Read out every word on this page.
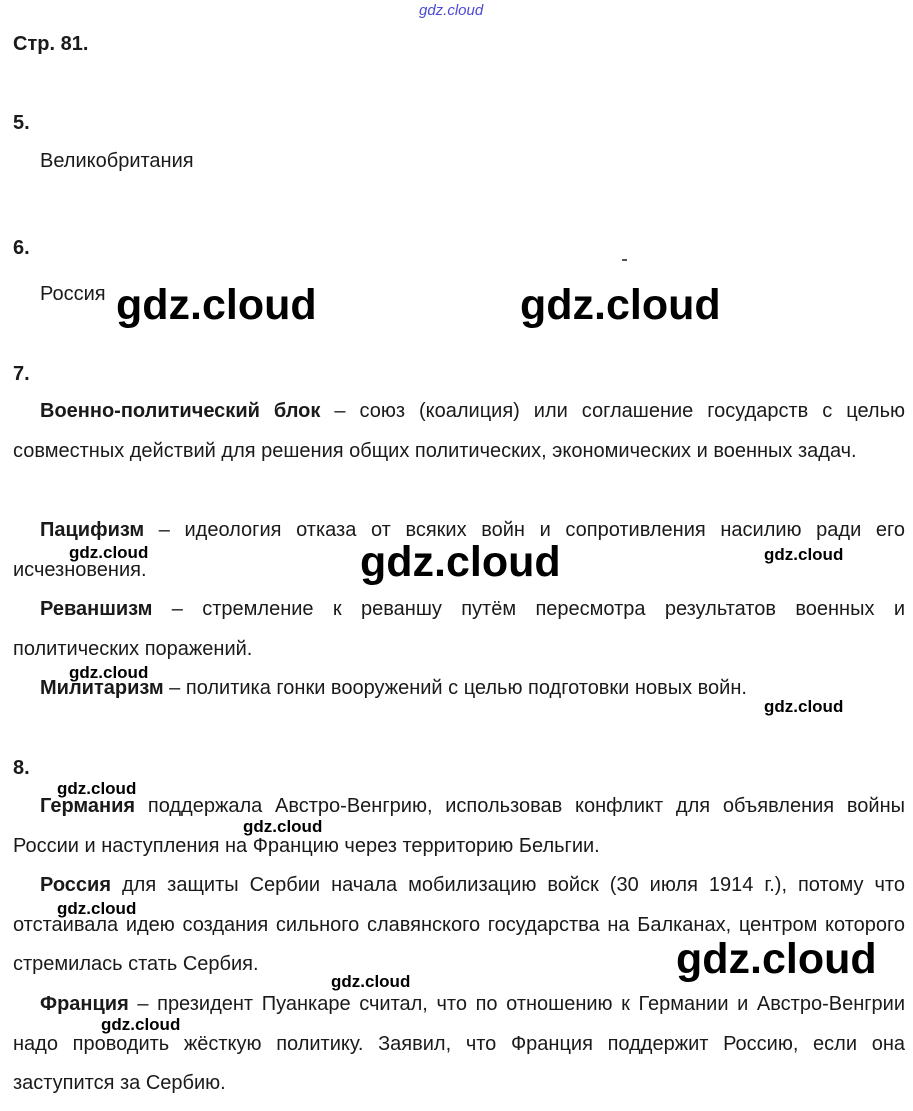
gdz.cloud
Стр. 81.
5.
Великобритания
6.
Россия
7.
Военно-политический блок – союз (коалиция) или соглашение государств с целью совместных действий для решения общих политических, экономических и военных задач.
Пацифизм – идеология отказа от всяких войн и сопротивления насилию ради его исчезновения.
Реваншизм – стремление к реваншу путём пересмотра результатов военных и политических поражений.
Милитаризм – политика гонки вооружений с целью подготовки новых войн.
8.
Германия поддержала Австро-Венгрию, использовав конфликт для объявления войны России и наступления на Францию через территорию Бельгии.
Россия для защиты Сербии начала мобилизацию войск (30 июля 1914 г.), потому что отстаивала идею создания сильного славянского государства на Балканах, центром которого стремилась стать Сербия.
Франция – президент Пуанкаре считал, что по отношению к Германии и Австро-Венгрии надо проводить жёсткую политику. Заявил, что Франция поддержит Россию, если она заступится за Сербию.
gdz.cloud	gdz.cloud
gdz.cloud
gdz.cloud
gdz.cloud	gdz.cloud
gdz.cloud
gdz.cloud
gdz.cloud
gdz.cloud
gdz.cloud
gdz.cloud
gdz.cloud
